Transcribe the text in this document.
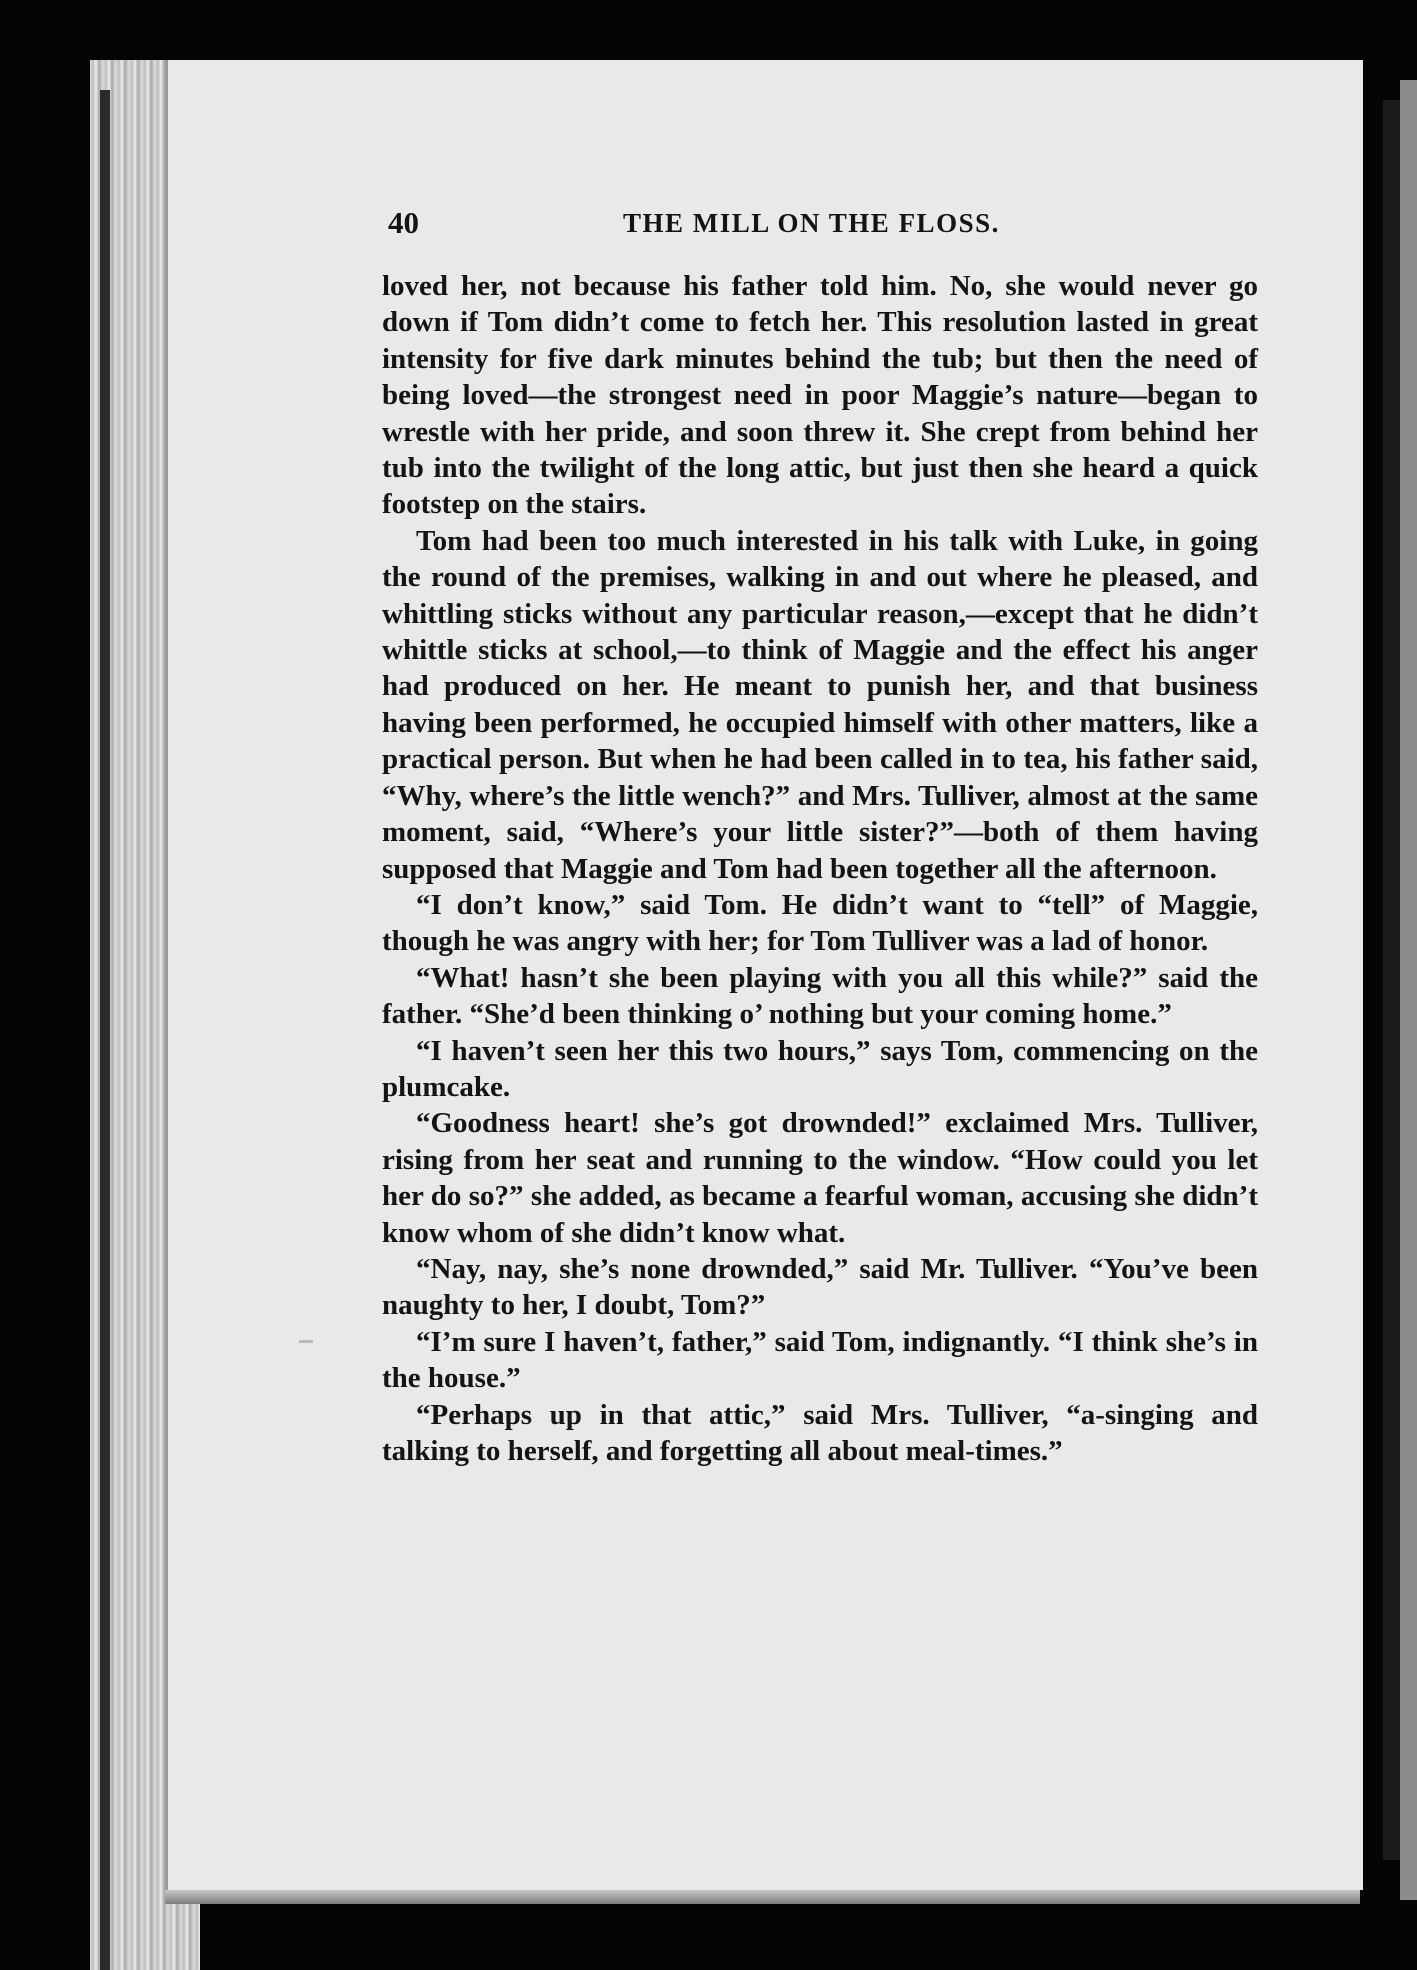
40	THE MILL ON THE FLOSS.

loved her, not because his father told him. No, she would never go down if Tom didn’t come to fetch her. This resolution lasted in great intensity for five dark minutes behind the tub; but then the need of being loved—the strongest need in poor Maggie’s nature—began to wrestle with her pride, and soon threw it. She crept from behind her tub into the twilight of the long attic, but just then she heard a quick footstep on the stairs.

Tom had been too much interested in his talk with Luke, in going the round of the premises, walking in and out where he pleased, and whittling sticks without any particular reason,—except that he didn’t whittle sticks at school,—to think of Maggie and the effect his anger had produced on her. He meant to punish her, and that business having been performed, he occupied himself with other matters, like a practical person. But when he had been called in to tea, his father said, “Why, where’s the little wench?” and Mrs. Tulliver, almost at the same moment, said, “Where’s your little sister?”—both of them having supposed that Maggie and Tom had been together all the afternoon.

“I don’t know,” said Tom. He didn’t want to “tell” of Maggie, though he was angry with her; for Tom Tulliver was a lad of honor.

“What! hasn’t she been playing with you all this while?” said the father. “She’d been thinking o’ nothing but your coming home.”

“I haven’t seen her this two hours,” says Tom, commencing on the plumcake.

“Goodness heart! she’s got drownded!” exclaimed Mrs. Tulliver, rising from her seat and running to the window. “How could you let her do so?” she added, as became a fearful woman, accusing she didn’t know whom of she didn’t know what.

“Nay, nay, she’s none drownded,” said Mr. Tulliver. “You’ve been naughty to her, I doubt, Tom?”

“I’m sure I haven’t, father,” said Tom, indignantly. “I think she’s in the house.”

“Perhaps up in that attic,” said Mrs. Tulliver, “a-singing and talking to herself, and forgetting all about meal-times.”
